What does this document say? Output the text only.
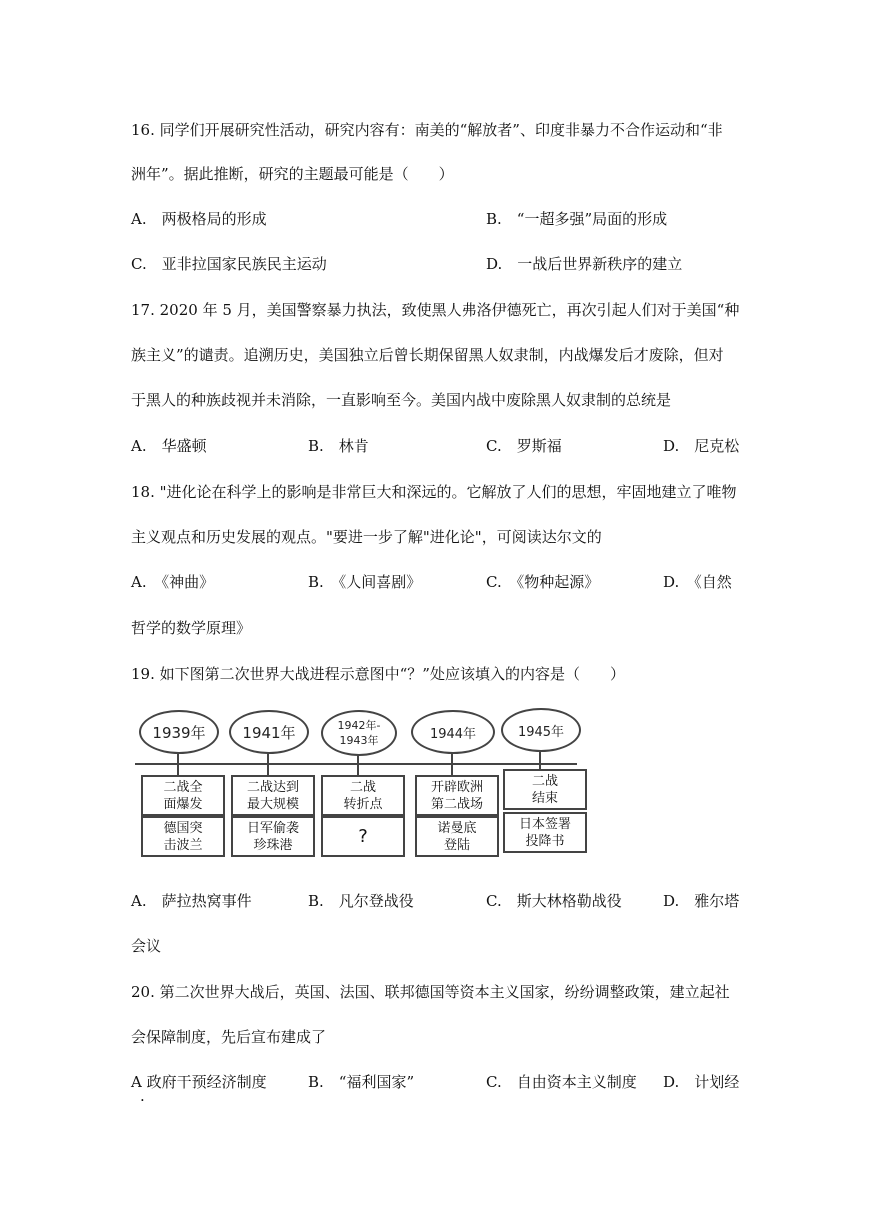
16. 同学们开展研究性活动，研究内容有：南美的“解放者”、印度非暴力不合作运动和“非
洲年”。据此推断，研究的主题最可能是（　　）
A.　两极格局的形成	B.　“一超多强”局面的形成
C.　亚非拉国家民族民主运动	D.　一战后世界新秩序的建立
17. 2020 年 5 月，美国警察暴力执法，致使黑人弗洛伊德死亡，再次引起人们对于美国“种
族主义”的谴责。追溯历史，美国独立后曾长期保留黑人奴隶制，内战爆发后才废除，但对
于黑人的种族歧视并未消除，一直影响至今。美国内战中废除黑人奴隶制的总统是
A.　华盛顿	B.　林肯	C.　罗斯福	D.　尼克松
18. "进化论在科学上的影响是非常巨大和深远的。它解放了人们的思想，牢固地建立了唯物
主义观点和历史发展的观点。"要进一步了解"进化论"，可阅读达尔文的
A.　《神曲》	B.　《人间喜剧》	C.　《物种起源》	D.　《自然
哲学的数学原理》
19. 如下图第二次世界大战进程示意图中“？”处应该填入的内容是（　　）
1939年	1941年	1942年-
1943年	1944年	1945年
二战全
面爆发
二战达到
最大规模
二战
转折点
开辟欧洲
第二战场
二战
结束
德国突
击波兰
日军偷袭
珍珠港	?	诺曼底
登陆
日本签署
投降书
A.　萨拉热窝事件	B.　凡尔登战役	C.　斯大林格勒战役	D.　雅尔塔
会议
20. 第二次世界大战后，英国、法国、联邦德国等资本主义国家，纷纷调整政策，建立起社
会保障制度，先后宣布建成了
A 政府干预经济制度	B.　“福利国家”	C.　自由资本主义制度 D.　计划经
.
